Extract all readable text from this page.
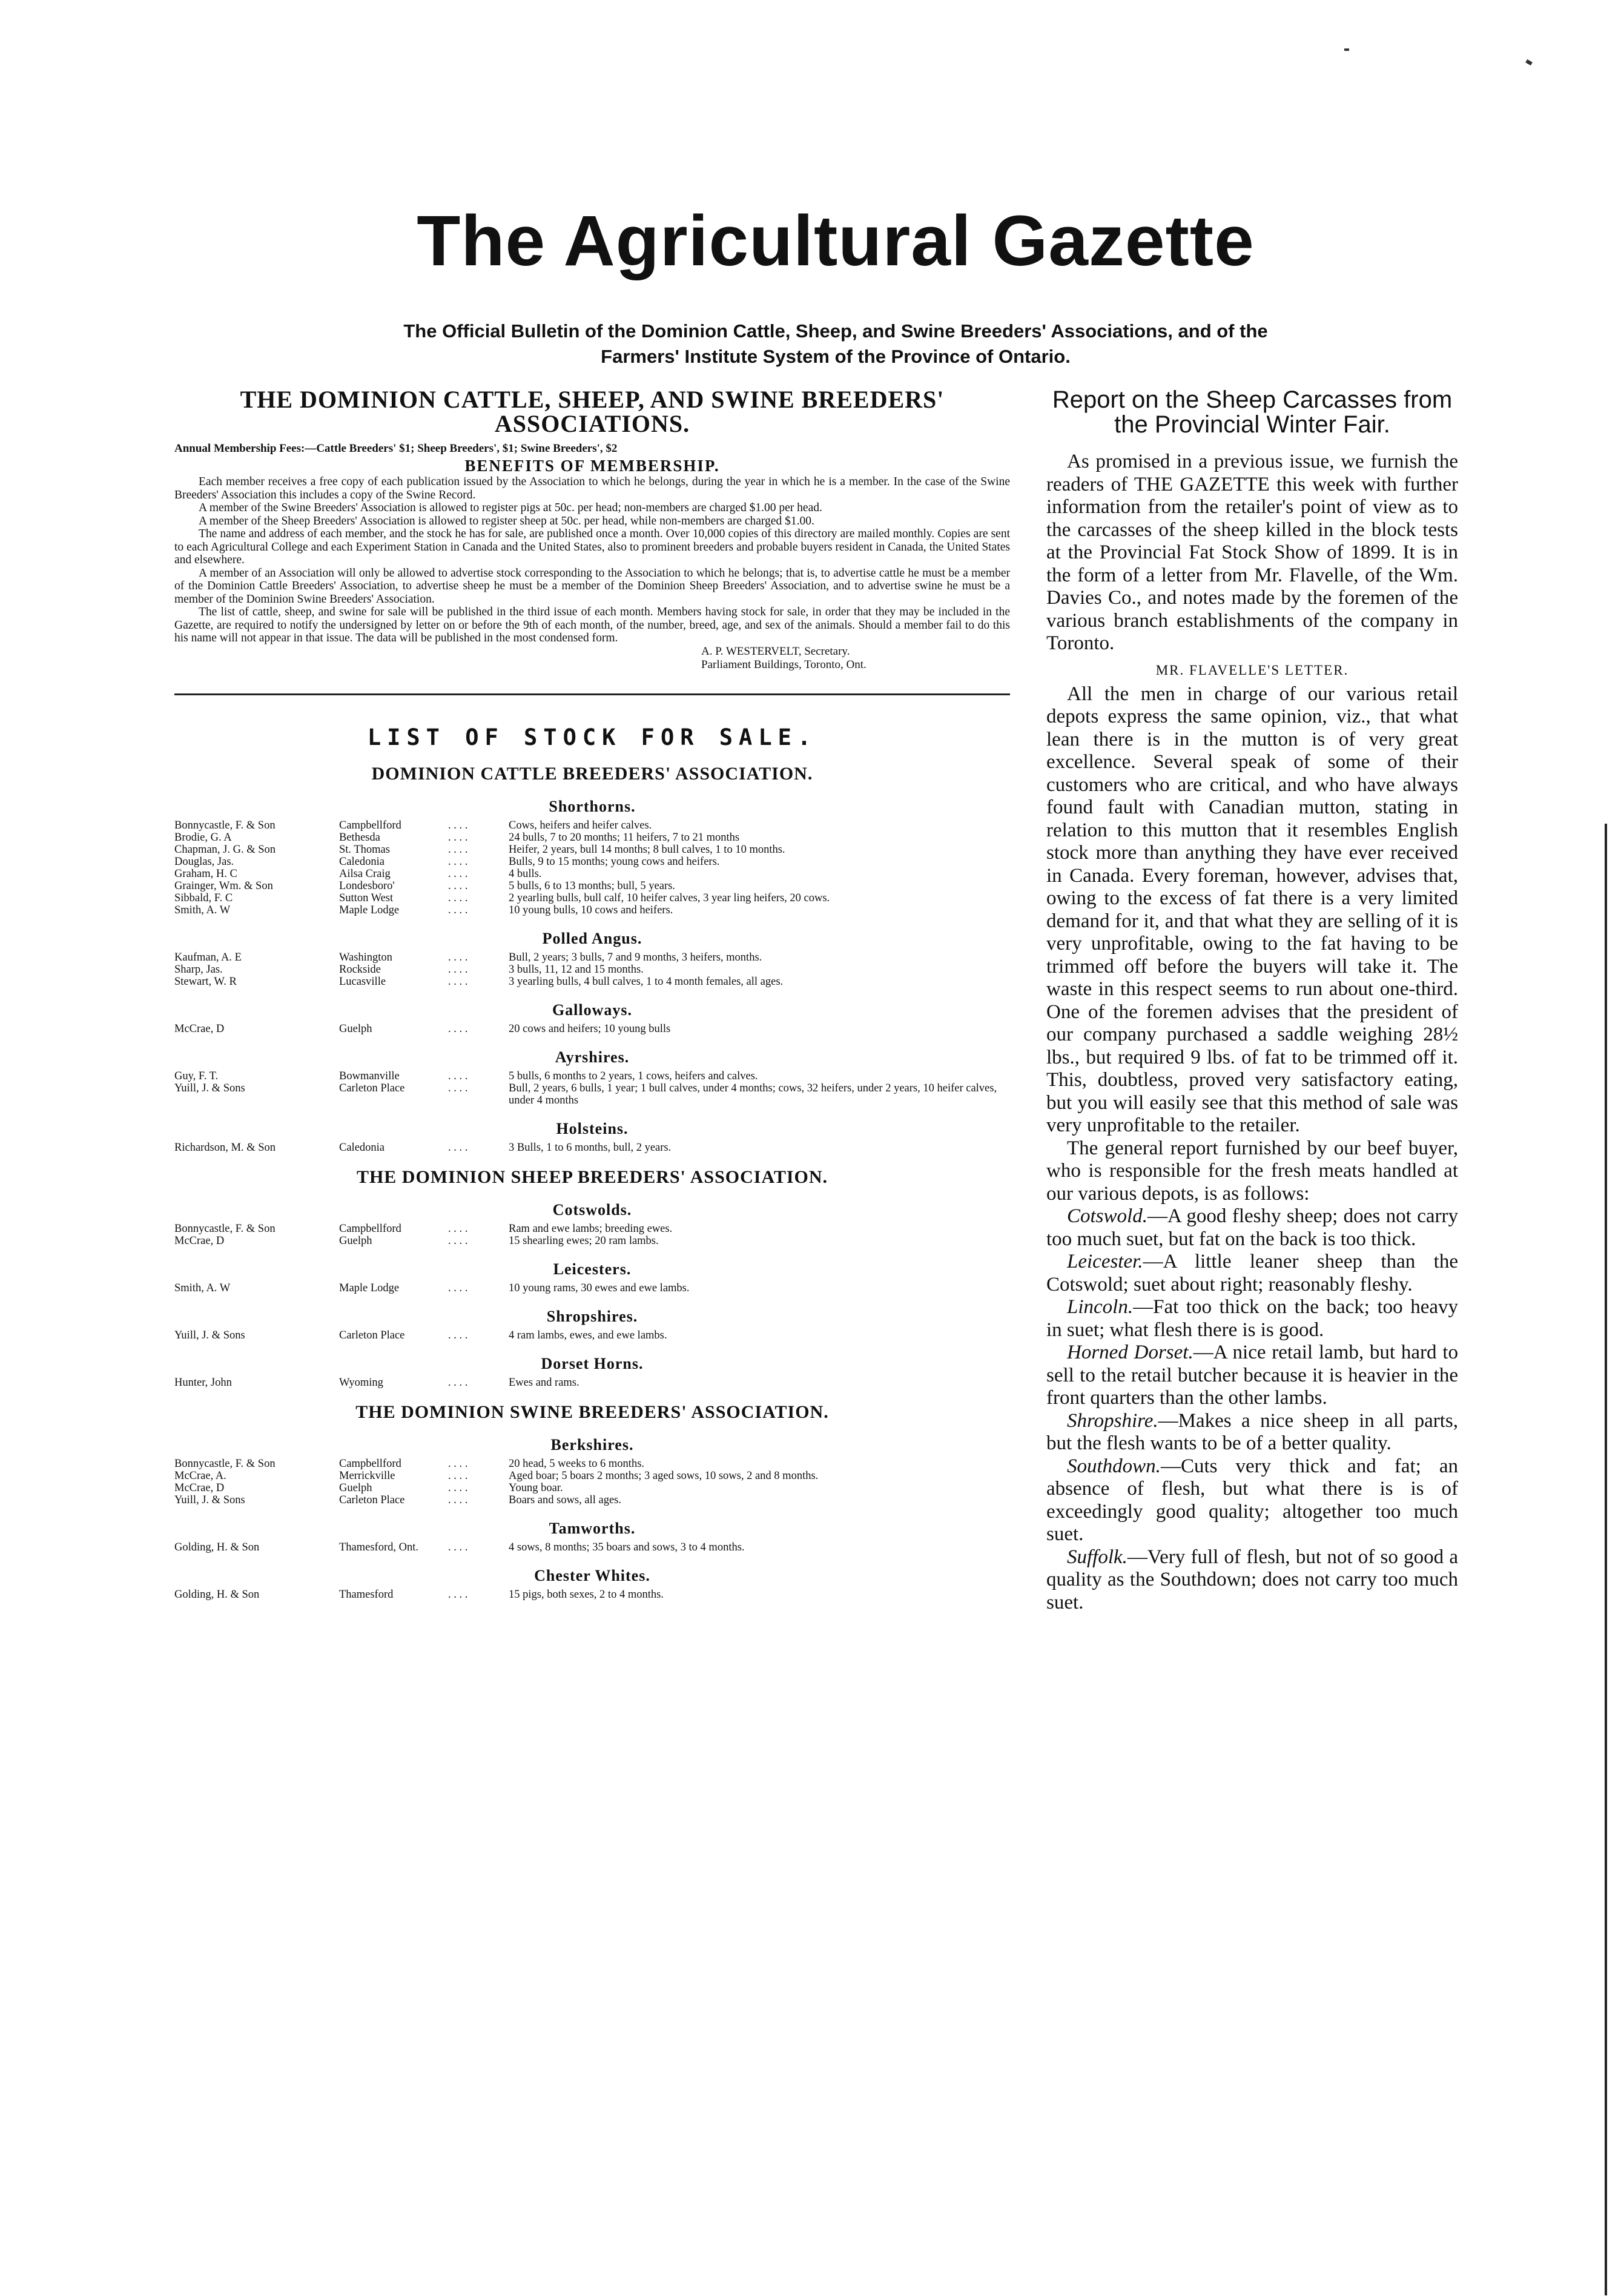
The Agricultural Gazette
The Official Bulletin of the Dominion Cattle, Sheep, and Swine Breeders' Associations, and of the
Farmers' Institute System of the Province of Ontario.
THE DOMINION CATTLE, SHEEP, AND SWINE BREEDERS' ASSOCIATIONS.
Annual Membership Fees:—Cattle Breeders' $1; Sheep Breeders', $1; Swine Breeders', $2
BENEFITS OF MEMBERSHIP.

Each member receives a free copy of each publication issued by the Association to which he belongs, during the year in which he is a member. In the case of the Swine Breeders' Association this includes a copy of the Swine Record.

A member of the Swine Breeders' Association is allowed to register pigs at 50c. per head; non-members are charged $1.00 per head.

A member of the Sheep Breeders' Association is allowed to register sheep at 50c. per head, while non-members are charged $1.00.

The name and address of each member, and the stock he has for sale, are published once a month. Over 10,000 copies of this directory are mailed monthly. Copies are sent to each Agricultural College and each Experiment Station in Canada and the United States, also to prominent breeders and probable buyers resident in Canada, the United States and elsewhere.

A member of an Association will only be allowed to advertise stock corresponding to the Association to which he belongs; that is, to advertise cattle he must be a member of the Dominion Cattle Breeders' Association, to advertise sheep he must be a member of the Dominion Sheep Breeders' Association, and to advertise swine he must be a member of the Dominion Swine Breeders' Association.

The list of cattle, sheep, and swine for sale will be published in the third issue of each month. Members having stock for sale, in order that they may be included in the Gazette, are required to notify the undersigned by letter on or before the 9th of each month, of the number, breed, age, and sex of the animals. Should a member fail to do this his name will not appear in that issue. The data will be published in the most condensed form.

A. P. WESTERVELT, Secretary.
Parliament Buildings, Toronto, Ont.
LIST OF STOCK FOR SALE.
DOMINION CATTLE BREEDERS' ASSOCIATION.
Shorthorns.
Bonnycastle, F. & Son	Campbellford	. . . .	Cows, heifers and heifer calves.
Brodie, G. A	Bethesda	. . . .	24 bulls, 7 to 20 months; 11 heifers, 7 to 21 months
Chapman, J. G. & Son	St. Thomas	. . . .	Heifer, 2 years, bull 14 months; 8 bull calves, 1 to 10 months.
Douglas, Jas.	Caledonia	. . . .	Bulls, 9 to 15 months; young cows and heifers.
Graham, H. C	Ailsa Craig	. . . .	4 bulls.
Grainger, Wm. & Son	Londesboro'	. . . .	5 bulls, 6 to 13 months; bull, 5 years.
Sibbald, F. C	Sutton West	. . . .	2 yearling bulls, bull calf, 10 heifer calves, 3 year ling heifers, 20 cows.
Smith, A. W	Maple Lodge	. . . .	10 young bulls, 10 cows and heifers.
Polled Angus.
Kaufman, A. E	Washington	. . . .	Bull, 2 years; 3 bulls, 7 and 9 months, 3 heifers, months.
Sharp, Jas.	Rockside	. . . .	3 bulls, 11, 12 and 15 months.
Stewart, W. R	Lucasville	. . . .	3 yearling bulls, 4 bull calves, 1 to 4 month females, all ages.
Galloways.
McCrae, D	Guelph	. . . .	20 cows and heifers; 10 young bulls
Ayrshires.
Guy, F. T.	Bowmanville	. . . .	5 bulls, 6 months to 2 years, 1 cows, heifers and calves.
Yuill, J. & Sons	Carleton Place	. . . .	Bull, 2 years, 6 bulls, 1 year; 1 bull calves, under 4 months; cows, 32 heifers, under 2 years, 10 heifer calves, under 4 months
Holsteins.
Richardson, M. & Son	Caledonia	. . . .	3 Bulls, 1 to 6 months, bull, 2 years.
THE DOMINION SHEEP BREEDERS' ASSOCIATION.
Cotswolds.
Bonnycastle, F. & Son	Campbellford	. . . .	Ram and ewe lambs; breeding ewes.
McCrae, D	Guelph	. . . .	15 shearling ewes; 20 ram lambs.
Leicesters.
Smith, A. W	Maple Lodge	. . . .	10 young rams, 30 ewes and ewe lambs.
Shropshires.
Yuill, J. & Sons	Carleton Place	. . . .	4 ram lambs, ewes, and ewe lambs.
Dorset Horns.
Hunter, John	Wyoming	. . . .	Ewes and rams.
THE DOMINION SWINE BREEDERS' ASSOCIATION.
Berkshires.
Bonnycastle, F. & Son	Campbellford	. . . .	20 head, 5 weeks to 6 months.
McCrae, A.	Merrickville	. . . .	Aged boar; 5 boars 2 months; 3 aged sows, 10 sows, 2 and 8 months.
McCrae, D	Guelph	. . . .	Young boar.
Yuill, J. & Sons	Carleton Place	. . . .	Boars and sows, all ages.
Tamworths.
Golding, H. & Son	Thamesford, Ont.	. . . .	4 sows, 8 months; 35 boars and sows, 3 to 4 months.
Chester Whites.
Golding, H. & Son	Thamesford	. . . .	15 pigs, both sexes, 2 to 4 months.
Report on the Sheep Carcasses from the Provincial Winter Fair.

As promised in a previous issue, we furnish the readers of THE GAZETTE this week with further information from the retailer's point of view as to the carcasses of the sheep killed in the block tests at the Provincial Fat Stock Show of 1899. It is in the form of a letter from Mr. Flavelle, of the Wm. Davies Co., and notes made by the foremen of the various branch establishments of the company in Toronto.

MR. FLAVELLE'S LETTER.

All the men in charge of our various retail depots express the same opinion, viz., that what lean there is in the mutton is of very great excellence. Several speak of some of their customers who are critical, and who have always found fault with Canadian mutton, stating in relation to this mutton that it resembles English stock more than anything they have ever received in Canada. Every foreman, however, advises that, owing to the excess of fat there is a very limited demand for it, and that what they are selling of it is very unprofitable, owing to the fat having to be trimmed off before the buyers will take it. The waste in this respect seems to run about one-third. One of the foremen advises that the president of our company purchased a saddle weighing 28½ lbs., but required 9 lbs. of fat to be trimmed off it. This, doubtless, proved very satisfactory eating, but you will easily see that this method of sale was very unprofitable to the retailer.

The general report furnished by our beef buyer, who is responsible for the fresh meats handled at our various depots, is as follows:

Cotswold.—A good fleshy sheep; does not carry too much suet, but fat on the back is too thick.

Leicester.—A little leaner sheep than the Cotswold; suet about right; reasonably fleshy.

Lincoln.—Fat too thick on the back; too heavy in suet; what flesh there is is good.

Horned Dorset.—A nice retail lamb, but hard to sell to the retail butcher because it is heavier in the front quarters than the other lambs.

Shropshire.—Makes a nice sheep in all parts, but the flesh wants to be of a better quality.

Southdown.—Cuts very thick and fat; an absence of flesh, but what there is is of exceedingly good quality; altogether too much suet.

Suffolk.—Very full of flesh, but not of so good a quality as the Southdown; does not carry too much suet.
